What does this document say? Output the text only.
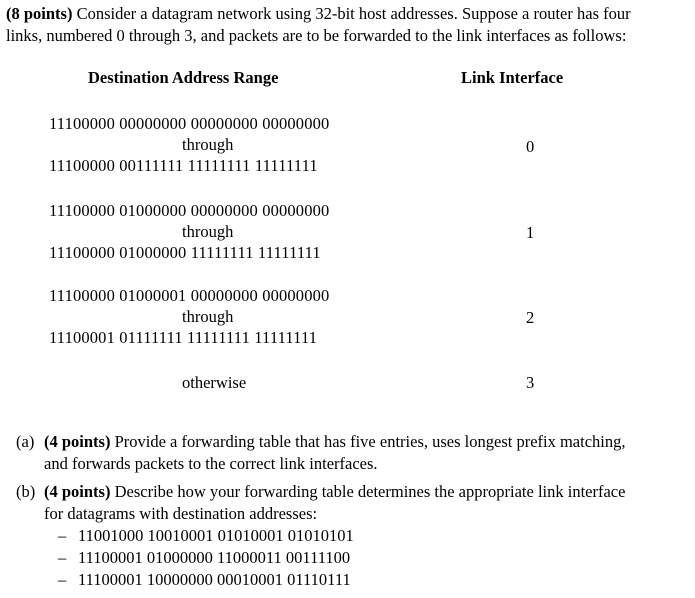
(8 points) Consider a datagram network using 32-bit host addresses. Suppose a router has four
links, numbered 0 through 3, and packets are to be forwarded to the link interfaces as follows:
Destination Address Range	Link Interface
11100000 00000000 00000000 00000000
through
11100000 00111111 11111111 11111111
0
11100000 01000000 00000000 00000000
through
11100000 01000000 11111111 11111111
1
11100000 01000001 00000000 00000000
through
11100001 01111111 11111111 11111111
2
otherwise	3
(a) (4 points) Provide a forwarding table that has five entries, uses longest prefix matching,
and forwards packets to the correct link interfaces.
(b) (4 points) Describe how your forwarding table determines the appropriate link interface
for datagrams with destination addresses:
– 11001000 10010001 01010001 01010101
– 11100001 01000000 11000011 00111100
– 11100001 10000000 00010001 01110111
